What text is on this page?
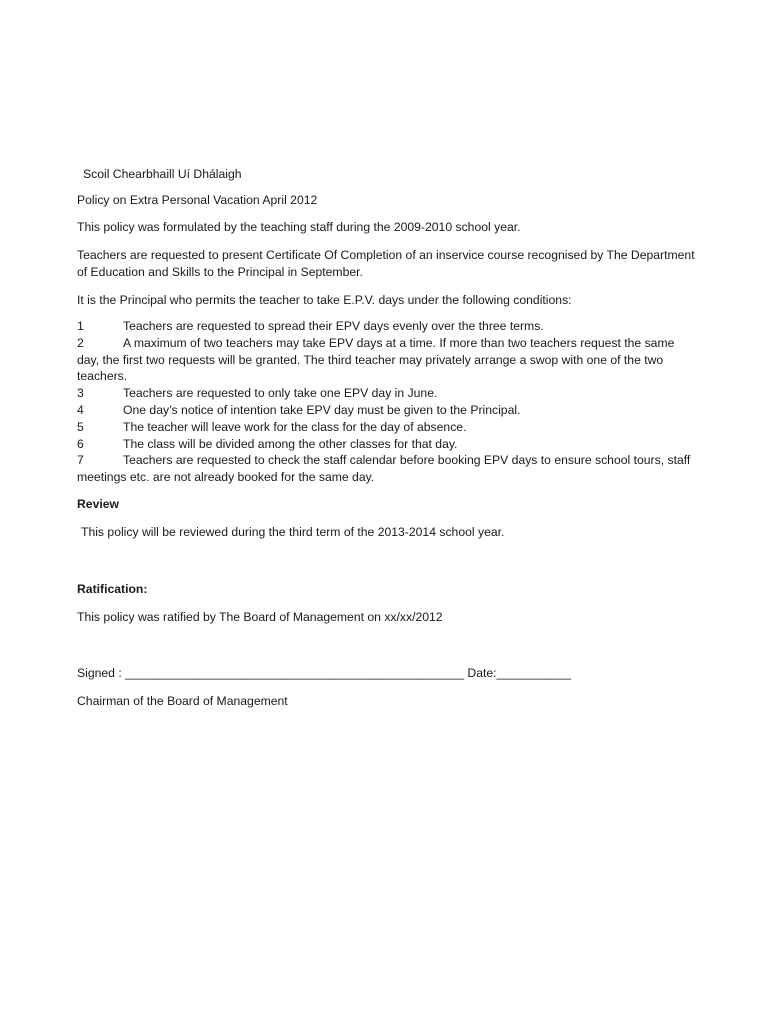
Scoil Chearbhaill Uí Dhálaigh
Policy on Extra Personal Vacation April 2012
This policy was formulated by the teaching staff during the 2009-2010 school year.
Teachers are requested to present Certificate Of Completion of an inservice course recognised by The Department of Education and Skills to the Principal in September.
It is the Principal who permits the teacher to take E.P.V. days under the following conditions:
1	Teachers are requested to spread their EPV days evenly over the three terms.
2	A maximum of two teachers may take EPV days at a time. If more than two teachers request the same day, the first two requests will be granted. The third teacher may privately arrange a swop with one of the two teachers.
3	Teachers are requested to only take one EPV day in June.
4	One day’s notice of intention take EPV day must be given to the Principal.
5	The teacher will leave work for the class for the day of absence.
6	The class will be divided among the other classes for that day.
7	Teachers are requested to check the staff calendar before booking EPV days to ensure school tours, staff meetings etc. are not already booked for the same day.
Review
This policy will be reviewed during the third term of the 2013-2014 school year.
Ratification:
This policy was ratified by The Board of Management on xx/xx/2012
Signed : __________________________________________________ Date:___________
Chairman of the Board of Management
